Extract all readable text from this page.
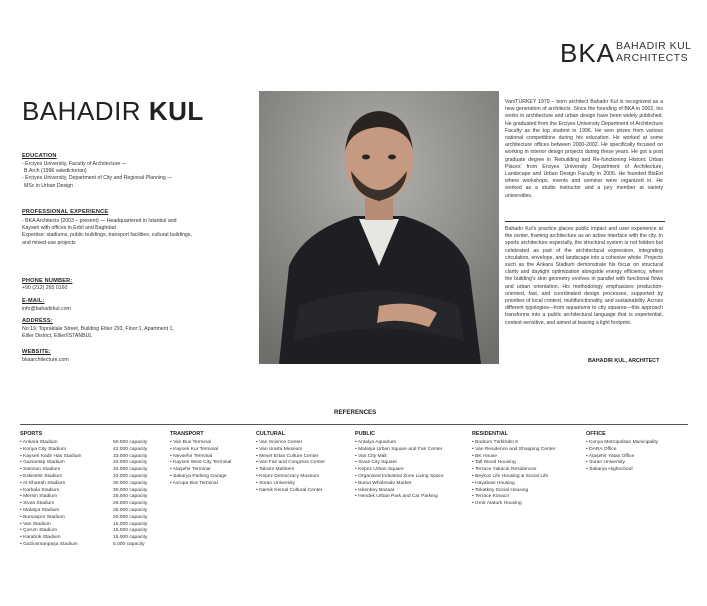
BKA BAHADIR KUL
ARCHITECTS
BAHADIR KUL
EDUCATION
- Erciyes University, Faculty of Architecture —
B.Arch (1996 valedictorian)
- Erciyes University, Department of City and Regional Planning —
MSc in Urban Design
PROFESSIONAL EXPERIENCE
- BKA Architects (2003 – present) — Headquartered in Istanbul and
Kayseri with offices in Erbil and Baghdad
Expertise: stadiums, public buildings, transport facilities, cultural buildings,
and mixed-use projects
PHONE NUMBER:
+90 (212) 265 0160
E-MAIL:
info@bahadirkul.com
ADDRESS:
No:19, Topraktale Street, Building Etiler 293, Floor:1, Apartment 1,
Etiler District, Etiler/İSTANBUL
WEBSITE:
bkaarchitecture.com

Van/TURKEY 1979 – born architect Bahadır Kul is recognized as a new generation of architects. Since the founding of BKA in 2002, his works in architecture and urban design have been widely published. He graduated from the Erciyes University Department of Architecture Faculty as the top student in 1996. He won prizes from various national competitions during his education. He worked at some architecture offices between 2000-2002. He specifically focused on working in interior design projects during these years. He got a post graduate degree in 'Rebuilding and Re-functioning Historic Urban Places' from Erciyes University Department of Architecture, Landscape and Urban Design Faculty in 2006. He founded BisExt where workshops, events and seminar were organized in. He worked as a studio instructor and a jury member at variety universities.

Bahadır Kul's practice places public impact and user experience at the center, framing architecture as an active interface with the city. In sports architecture especially, the structural system is not hidden but celebrated as part of the architectural expression, integrating circulation, envelope, and landscape into a cohesive whole. Projects such as the Ankara Stadium demonstrate his focus on structural clarity and daylight optimization alongside energy efficiency, where the building's skin geometry evolves in parallel with functional flows and urban orientation. His methodology emphasizes production-oriented, fast, and coordinated design processes, supported by priorities of local context, multifunctionality, and sustainability. Across different typologies—from aquariums to city squares—this approach transforms into a public architectural language that is experiential, context-sensitive, and aimed at leaving a light footprint.

BAHADIR KUL, ARCHITECT
REFERENCES
SPORTS
• Ankara Stadium	50.000 capacity
• Konya City Stadium	42.000 capacity
• Kayseri Kadir Has Stadium	33.000 capacity
• Gaziantep Stadium	33.000 capacity
• Samsun Stadium	33.000 capacity
• Eskisehir Stadium	33.000 capacity
• Al-Shatrah Stadium	30.000 capacity
• Karbala Stadium	30.000 capacity
• Mersin Stadium	25.000 capacity
• Sivas Stadium	25.000 capacity
• Malatya Stadium	25.000 capacity
• Bursaspor Stadium	20.000 capacity
• Van Stadium	15.000 capacity
• Çorum Stadium	15.000 capacity
• Karabük Stadium	15.000 capacity
• Gaziosmanpaşa Stadium	5.000 capacity
TRANSPORT
• Van Bus Terminal
• Kayseri Kur Terminal
• Nevsehir Terminal
• Kayseri West City Terminal
• Ataşehir Terminal
• Sakarya Parking Garage
• Avrupa Bus Terminal
CULTURAL
• Van Science Center
• Van Urartu Museum
• Meset Ertas Culture Center
• Van Fair and Congress Center
• Taksim Mahkem
• Kepez Democracy Museum
• Soran University
• Namik Kemal Cultural Center
PUBLIC
• Antalya Aquarium
• Malatya Urban Square and Fair Center
• Van City Mall
• Sivas City Square
• Kepez Urban Square
• Organized Industrial Zone Living Space
• Bursa Wholesale Market
• Iskenbey Bazaar
• Hendek Urban Park and Car Parking
RESIDENTIAL
• Bodrum Türkbükü 6
• Van Residence and Shopping Center
• BK House
• Tall Wood Housing
• Terrace Yakacık Residences
• Beykoz Life Housing & Social Life
• Hayabasi Housing
• Tokatköy Social Housing
• Terrace Kövacıl
• Izmir Ataturk Housing
OFFICE
• Konya Metropolitan Municipality
• DARA Office
• Ataşehir Yatas Office
• Soran University
• Sakarya Highschool
